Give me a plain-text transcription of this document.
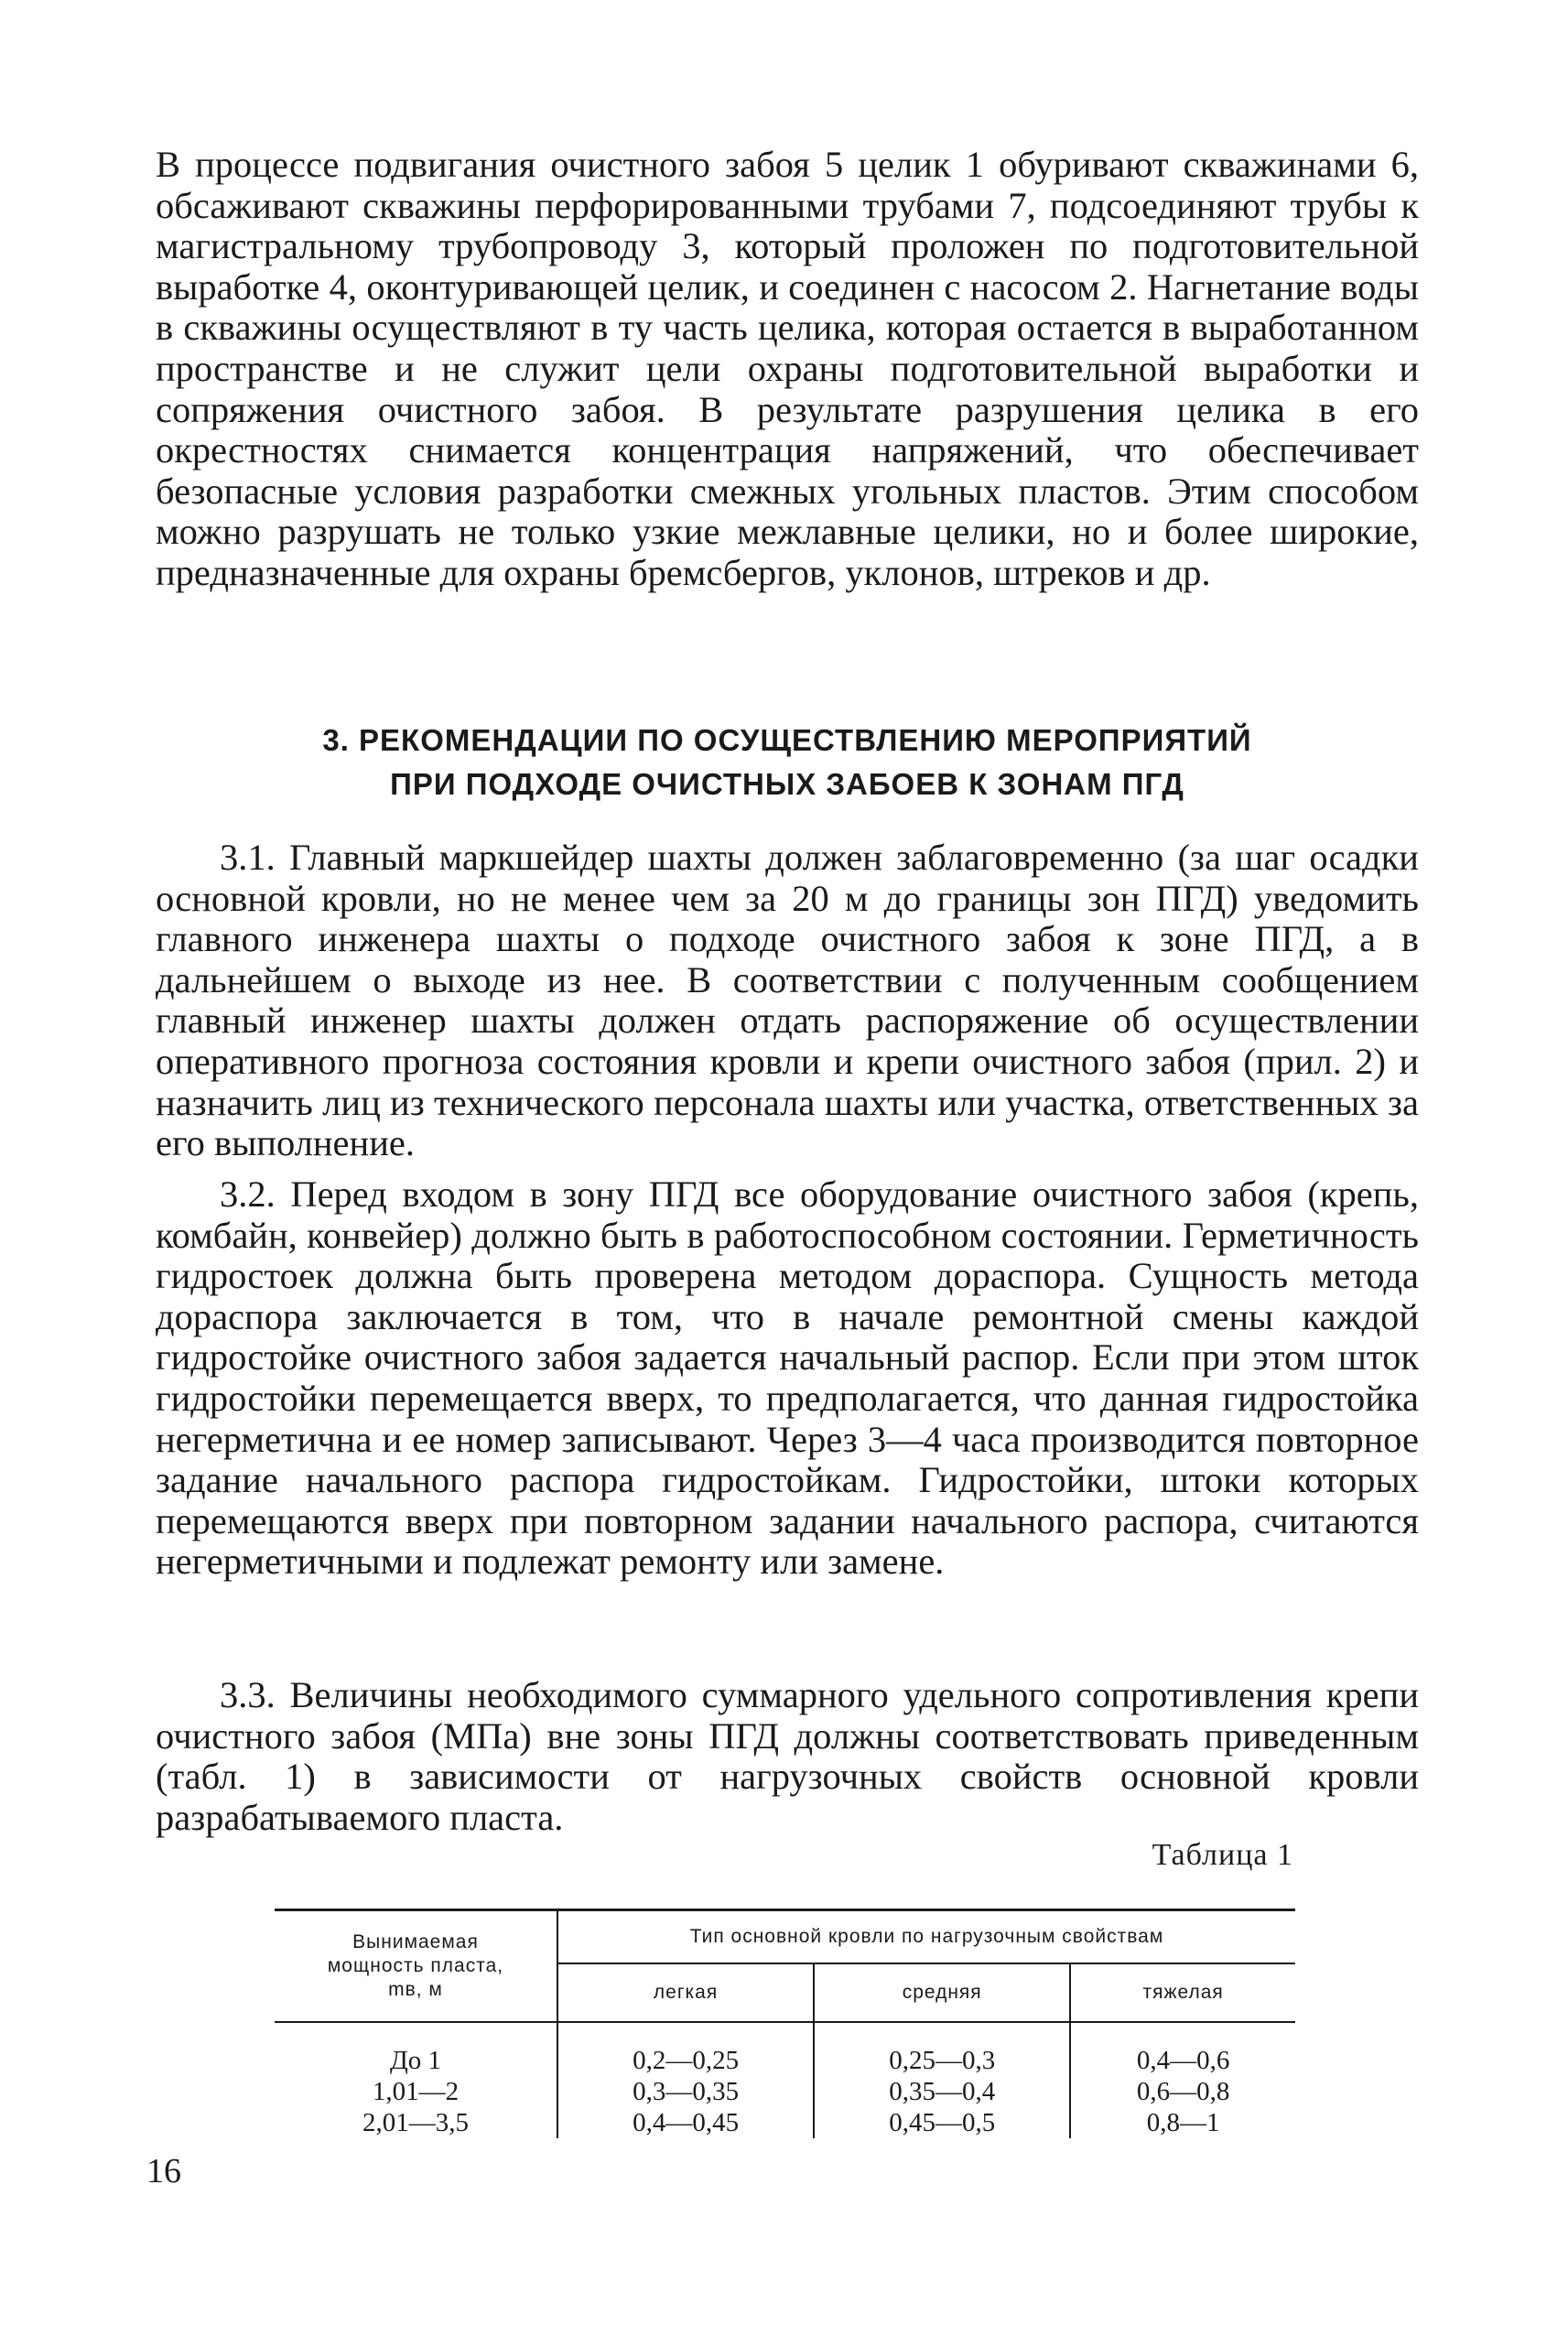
В процессе подвигания очистного забоя 5 целик 1 обуривают скважинами 6, обсаживают скважины перфорированными трубами 7, подсоединяют трубы к магистральному трубопроводу 3, который проложен по подготовительной выработке 4, оконтуривающей целик, и соединен с насосом 2. Нагнетание воды в скважины осуществляют в ту часть целика, которая остается в выработанном пространстве и не служит цели охраны подготовительной выработки и сопряжения очистного забоя. В результате разрушения целика в его окрестностях снимается концентрация напряжений, что обеспечивает безопасные условия разработки смежных угольных пластов. Этим способом можно разрушать не только узкие межлавные целики, но и более широкие, предназначенные для охраны бремсбергов, уклонов, штреков и др.

3. РЕКОМЕНДАЦИИ ПО ОСУЩЕСТВЛЕНИЮ МЕРОПРИЯТИЙ
ПРИ ПОДХОДЕ ОЧИСТНЫХ ЗАБОЕВ К ЗОНАМ ПГД

3.1. Главный маркшейдер шахты должен заблаговременно (за шаг осадки основной кровли, но не менее чем за 20 м до границы зон ПГД) уведомить главного инженера шахты о подходе очистного забоя к зоне ПГД, а в дальнейшем о выходе из нее. В соответствии с полученным сообщением главный инженер шахты должен отдать распоряжение об осуществлении оперативного прогноза состояния кровли и крепи очистного забоя (прил. 2) и назначить лиц из технического персонала шахты или участка, ответственных за его выполнение.

3.2. Перед входом в зону ПГД все оборудование очистного забоя (крепь, комбайн, конвейер) должно быть в работоспособном состоянии. Герметичность гидростоек должна быть проверена методом дораспора. Сущность метода дораспора заключается в том, что в начале ремонтной смены каждой гидростойке очистного забоя задается начальный распор. Если при этом шток гидростойки перемещается вверх, то предполагается, что данная гидростойка негерметична и ее номер записывают. Через 3—4 часа производится повторное задание начального распора гидростойкам. Гидростойки, штоки которых перемещаются вверх при повторном задании начального распора, считаются негерметичными и подлежат ремонту или замене.

3.3. Величины необходимого суммарного удельного сопротивления крепи очистного забоя (МПа) вне зоны ПГД должны соответствовать приведенным (табл. 1) в зависимости от нагрузочных свойств основной кровли разрабатываемого пласта.

Таблица 1
Вынимаемая
мощность пласта,
mв, м	Тип основной кровли по нагрузочным свойствам		
	легкая	средняя	тяжелая

До 1	0,2—0,25	0,25—0,3	0,4—0,6
1,01—2	0,3—0,35	0,35—0,4	0,6—0,8
2,01—3,5	0,4—0,45	0,45—0,5	0,8—1
16
